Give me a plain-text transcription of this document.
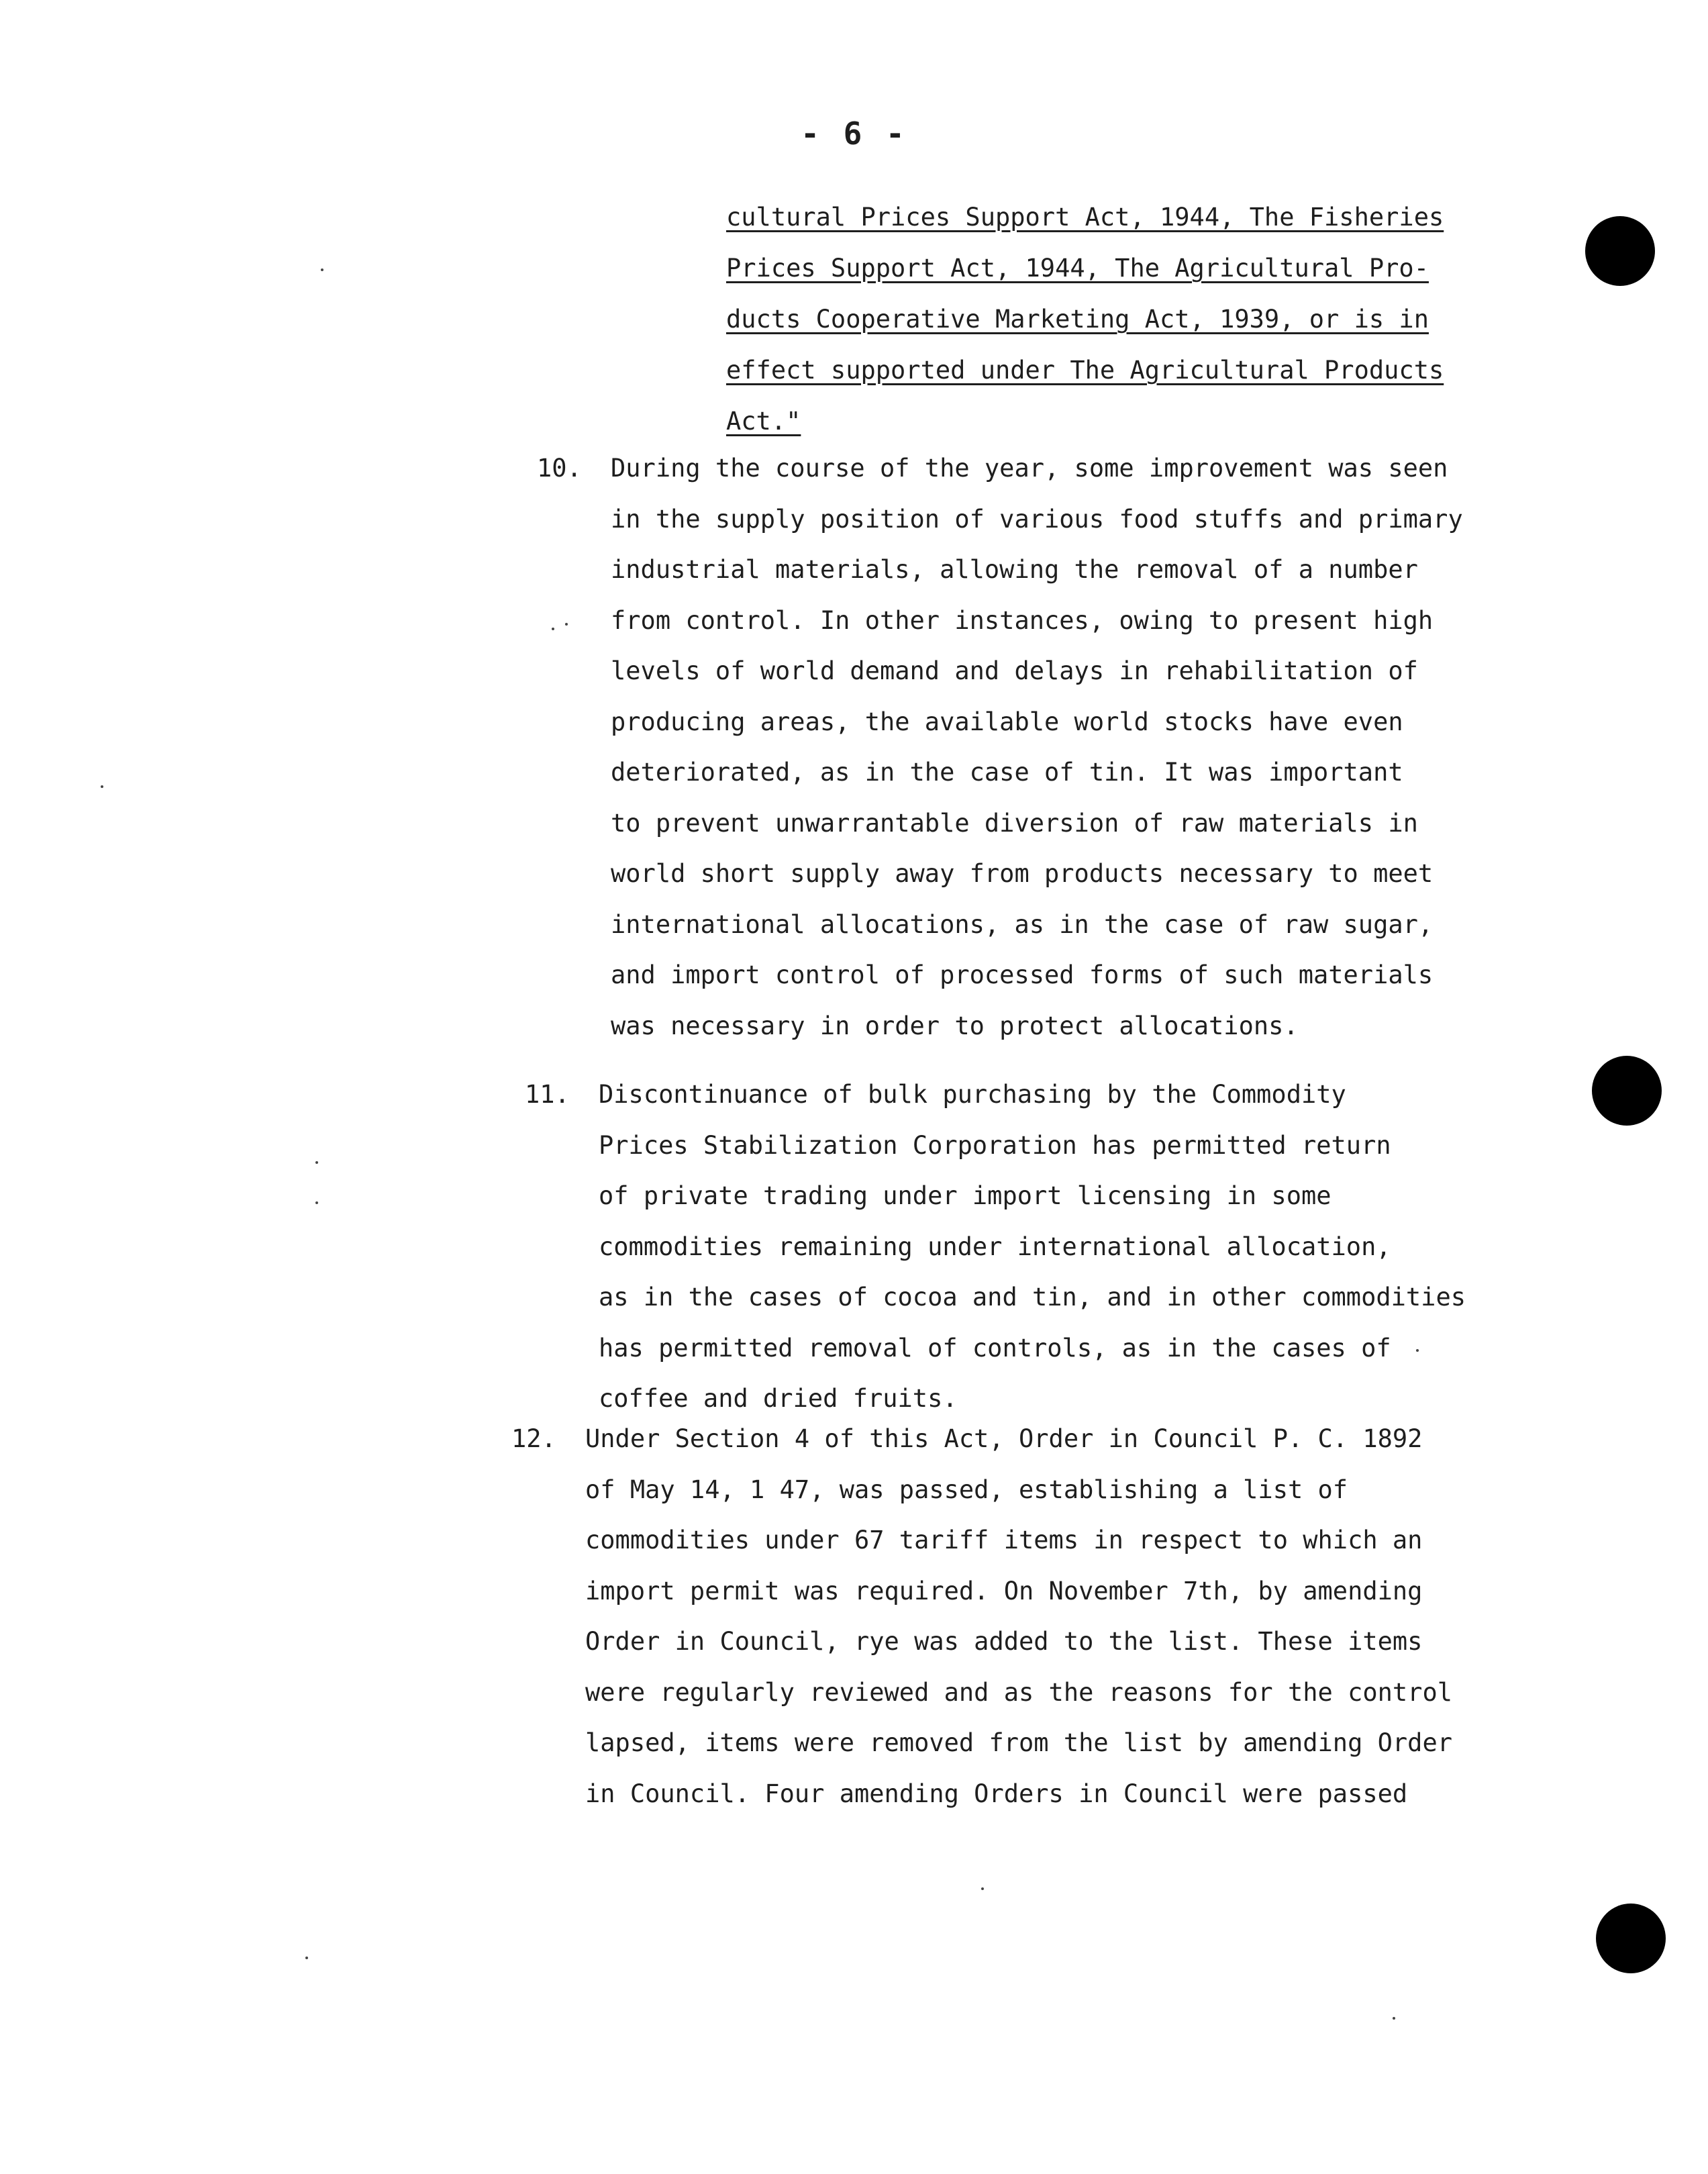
- 6 -
cultural Prices Support Act, 1944, The Fisheries
Prices Support Act, 1944, The Agricultural Pro-
ducts Cooperative Marketing Act, 1939, or is in
effect supported under The Agricultural Products
Act."
10. During the course of the year, some improvement was seen
in the supply position of various food stuffs and primary
industrial materials, allowing the removal of a number
from control. In other instances, owing to present high
levels of world demand and delays in rehabilitation of
producing areas, the available world stocks have even
deteriorated, as in the case of tin. It was important
to prevent unwarrantable diversion of raw materials in
world short supply away from products necessary to meet
international allocations, as in the case of raw sugar,
and import control of processed forms of such materials
was necessary in order to protect allocations.
11. Discontinuance of bulk purchasing by the Commodity
Prices Stabilization Corporation has permitted return
of private trading under import licensing in some
commodities remaining under international allocation,
as in the cases of cocoa and tin, and in other commodities
has permitted removal of controls, as in the cases of
coffee and dried fruits.
12. Under Section 4 of this Act, Order in Council P. C. 1892
of May 14, 1 47, was passed, establishing a list of
commodities under 67 tariff items in respect to which an
import permit was required. On November 7th, by amending
Order in Council, rye was added to the list. These items
were regularly reviewed and as the reasons for the control
lapsed, items were removed from the list by amending Order
in Council. Four amending Orders in Council were passed
